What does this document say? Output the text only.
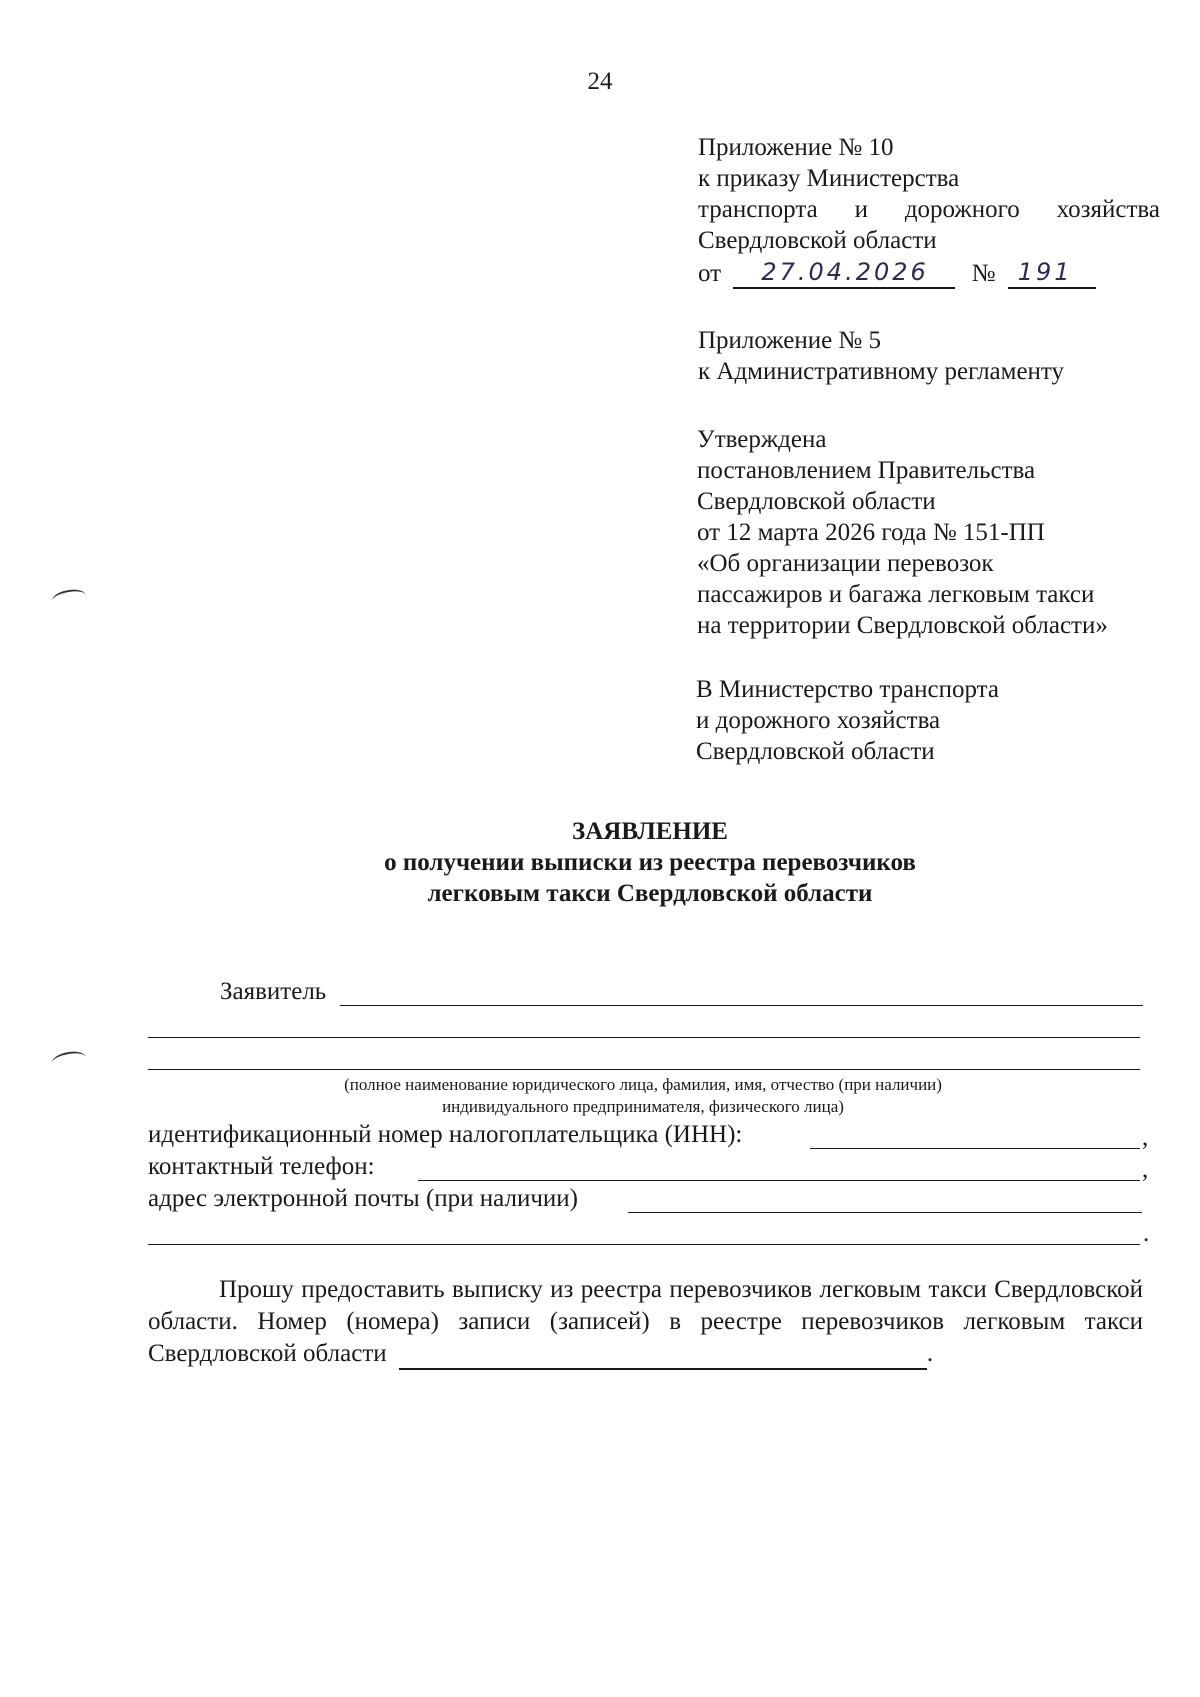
24
Приложение № 10
к приказу Министерства
транспорта и дорожного хозяйства
Свердловской области
от 27.04.2026 № 191
Приложение № 5
к Административному регламенту
Утверждена
постановлением Правительства
Свердловской области
от 12 марта 2026 года № 151-ПП
«Об организации перевозок
пассажиров и багажа легковым такси
на территории Свердловской области»
В Министерство транспорта
и дорожного хозяйства
Свердловской области
ЗАЯВЛЕНИЕ
о получении выписки из реестра перевозчиков
легковым такси Свердловской области
Заявитель
(полное наименование юридического лица, фамилия, имя, отчество (при наличии)
индивидуального предпринимателя, физического лица)
идентификационный номер налогоплательщика (ИНН):	,
контактный телефон:	,
адрес электронной почты (при наличии)
.
Прошу предоставить выписку из реестра перевозчиков легковым такси Свердловской области. Номер (номера) записи (записей) в реестре перевозчиков легковым такси Свердловской области	.
